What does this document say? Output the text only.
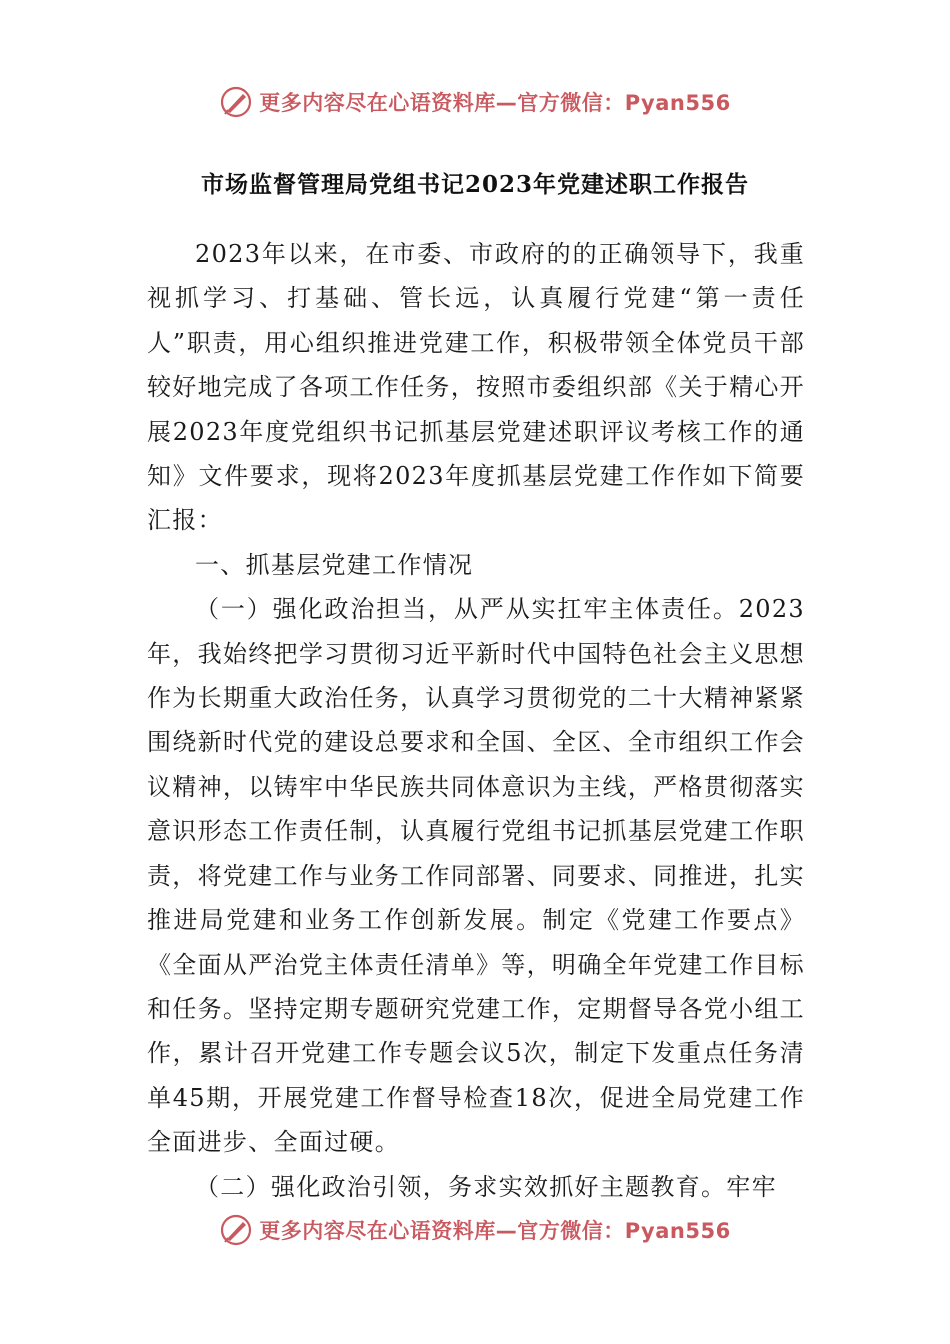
更多内容尽在心语资料库—官方微信：Pyan556
市场监督管理局党组书记2023年党建述职工作报告

2023年以来，在市委、市政府的的正确领导下，我重视抓学习、打基础、管长远，认真履行党建“第一责任人”职责，用心组织推进党建工作，积极带领全体党员干部较好地完成了各项工作任务，按照市委组织部《关于精心开展2023年度党组织书记抓基层党建述职评议考核工作的通知》文件要求，现将2023年度抓基层党建工作作如下简要汇报：

一、抓基层党建工作情况

（一）强化政治担当，从严从实扛牢主体责任。2023年，我始终把学习贯彻习近平新时代中国特色社会主义思想作为长期重大政治任务，认真学习贯彻党的二十大精神紧紧围绕新时代党的建设总要求和全国、全区、全市组织工作会议精神，以铸牢中华民族共同体意识为主线，严格贯彻落实意识形态工作责任制，认真履行党组书记抓基层党建工作职责，将党建工作与业务工作同部署、同要求、同推进，扎实推进局党建和业务工作创新发展。制定《党建工作要点》《全面从严治党主体责任清单》等，明确全年党建工作目标和任务。坚持定期专题研究党建工作，定期督导各党小组工作，累计召开党建工作专题会议5次，制定下发重点任务清单45期，开展党建工作督导检查18次，促进全局党建工作全面进步、全面过硬。

（二）强化政治引领，务求实效抓好主题教育。牢牢

更多内容尽在心语资料库—官方微信：Pyan556
